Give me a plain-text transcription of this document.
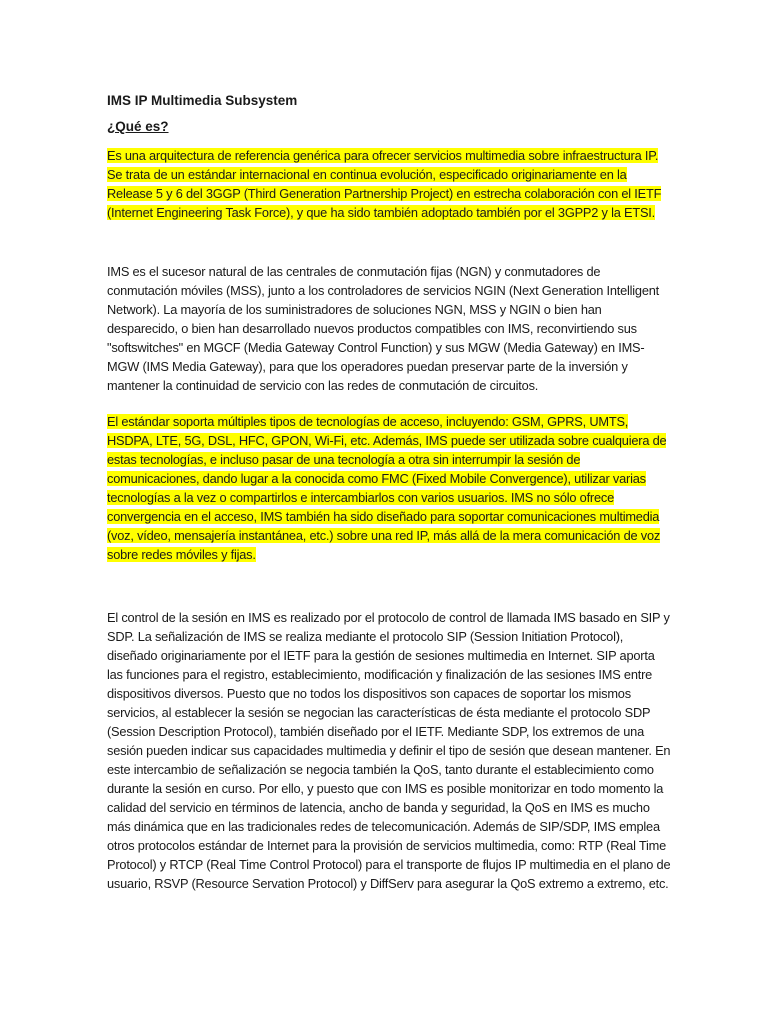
IMS IP Multimedia Subsystem
¿Qué es?

Es una arquitectura de referencia genérica para ofrecer servicios multimedia sobre infraestructura IP. Se trata de un estándar internacional en continua evolución, especificado originariamente en la Release 5 y 6 del 3GGP (Third Generation Partnership Project) en estrecha colaboración con el IETF (Internet Engineering Task Force), y que ha sido también adoptado también por el 3GPP2 y la ETSI.

IMS es el sucesor natural de las centrales de conmutación fijas (NGN) y conmutadores de conmutación móviles (MSS), junto a los controladores de servicios NGIN (Next Generation Intelligent Network). La mayoría de los suministradores de soluciones NGN, MSS y NGIN o bien han desparecido, o bien han desarrollado nuevos productos compatibles con IMS, reconvirtiendo sus "softswitches" en MGCF (Media Gateway Control Function) y sus MGW (Media Gateway) en IMS-MGW (IMS Media Gateway), para que los operadores puedan preservar parte de la inversión y mantener la continuidad de servicio con las redes de conmutación de circuitos.

El estándar soporta múltiples tipos de tecnologías de acceso, incluyendo: GSM, GPRS, UMTS, HSDPA, LTE, 5G, DSL, HFC, GPON, Wi-Fi, etc. Además, IMS puede ser utilizada sobre cualquiera de estas tecnologías, e incluso pasar de una tecnología a otra sin interrumpir la sesión de comunicaciones, dando lugar a la conocida como FMC (Fixed Mobile Convergence), utilizar varias tecnologías a la vez o compartirlos e intercambiarlos con varios usuarios. IMS no sólo ofrece convergencia en el acceso, IMS también ha sido diseñado para soportar comunicaciones multimedia (voz, vídeo, mensajería instantánea, etc.) sobre una red IP, más allá de la mera comunicación de voz sobre redes móviles y fijas.

El control de la sesión en IMS es realizado por el protocolo de control de llamada IMS basado en SIP y SDP. La señalización de IMS se realiza mediante el protocolo SIP (Session Initiation Protocol), diseñado originariamente por el IETF para la gestión de sesiones multimedia en Internet. SIP aporta las funciones para el registro, establecimiento, modificación y finalización de las sesiones IMS entre dispositivos diversos. Puesto que no todos los dispositivos son capaces de soportar los mismos servicios, al establecer la sesión se negocian las características de ésta mediante el protocolo SDP (Session Description Protocol), también diseñado por el IETF. Mediante SDP, los extremos de una sesión pueden indicar sus capacidades multimedia y definir el tipo de sesión que desean mantener. En este intercambio de señalización se negocia también la QoS, tanto durante el establecimiento como durante la sesión en curso. Por ello, y puesto que con IMS es posible monitorizar en todo momento la calidad del servicio en términos de latencia, ancho de banda y seguridad, la QoS en IMS es mucho más dinámica que en las tradicionales redes de telecomunicación. Además de SIP/SDP, IMS emplea otros protocolos estándar de Internet para la provisión de servicios multimedia, como: RTP (Real Time Protocol) y RTCP (Real Time Control Protocol) para el transporte de flujos IP multimedia en el plano de usuario, RSVP (Resource Servation Protocol) y DiffServ para asegurar la QoS extremo a extremo, etc.
